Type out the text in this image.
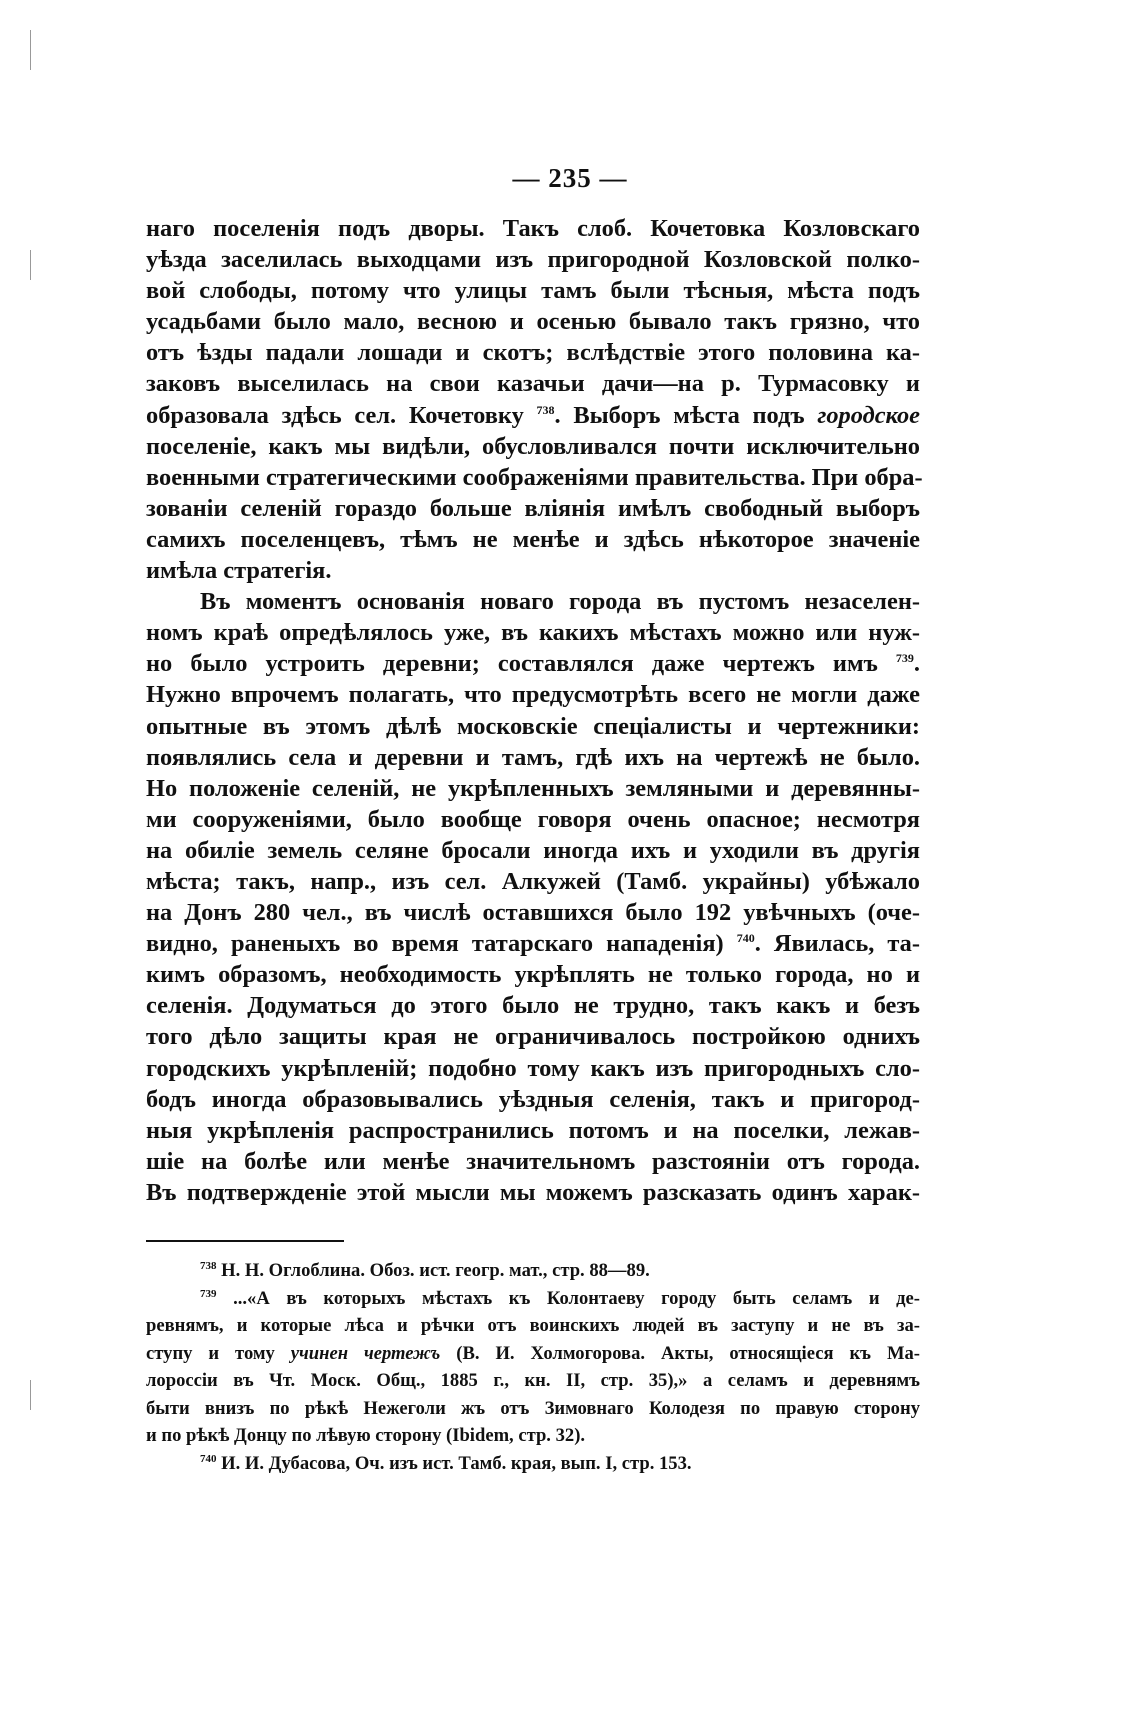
— 235 —
наго поселенія подъ дворы. Такъ слоб. Кочетовка Козловскаго
уѣзда заселилась выходцами изъ пригородной Козловской полко-
вой слободы, потому что улицы тамъ были тѣсныя, мѣста подъ
усадьбами было мало, весною и осенью бывало такъ грязно, что
отъ ѣзды падали лошади и скотъ; вслѣдствіе этого половина ка-
заковъ выселилась на свои казачьи дачи—на р. Турмасовку и
образовала здѣсь сел. Кочетовку $^{738}$. Выборъ мѣста подъ городское
поселеніе, какъ мы видѣли, обусловливался почти исключительно
военными стратегическими соображеніями правительства. При обра-
зованіи селеній гораздо больше вліянія имѣлъ свободный выборъ
самихъ поселенцевъ, тѣмъ не менѣе и здѣсь нѣкоторое значеніе
имѣла стратегія.
Въ моментъ основанія новаго города въ пустомъ незаселен-
номъ краѣ опредѣлялось уже, въ какихъ мѣстахъ можно или нуж-
но было устроить деревни; составлялся даже чертежъ имъ $^{739}$.
Нужно впрочемъ полагать, что предусмотрѣть всего не могли даже
опытные въ этомъ дѣлѣ московскіе спеціалисты и чертежники:
появлялись села и деревни и тамъ, гдѣ ихъ на чертежѣ не было.
Но положеніе селеній, не укрѣпленныхъ земляными и деревянны-
ми сооруженіями, было вообще говоря очень опасное; несмотря
на обиліе земель селяне бросали иногда ихъ и уходили въ другія
мѣста; такъ, напр., изъ сел. Алкужей (Тамб. украйны) убѣжало
на Донъ 280 чел., въ числѣ оставшихся было 192 увѣчныхъ (оче-
видно, раненыхъ во время татарскаго нападенія) $^{740}$. Явилась, та-
кимъ образомъ, необходимость укрѣплять не только города, но и
селенія. Додуматься до этого было не трудно, такъ какъ и безъ
того дѣло защиты края не ограничивалось постройкою однихъ
городскихъ укрѣпленій; подобно тому какъ изъ пригородныхъ сло-
бодъ иногда образовывались уѣздныя селенія, такъ и пригород-
ныя укрѣпленія распространились потомъ и на поселки, лежав-
шіе на болѣе или менѣе значительномъ разстояніи отъ города.
Въ подтвержденіе этой мысли мы можемъ разсказать одинъ харак-
$^{738}$ Н. Н. Оглоблина. Обоз. ист. геогр. мат., стр. 88—89.
$^{739}$ ...«А въ которыхъ мѣстахъ къ Колонтаеву городу быть селамъ и де-
ревнямъ, и которые лѣса и рѣчки отъ воинскихъ людей въ заступу и не въ за-
ступу и тому учинен чертежъ (В. И. Холмогорова. Акты, относящіеся къ Ма-
лороссіи въ Чт. Моск. Общ., 1885 г., кн. II, стр. 35),» а селамъ и деревнямъ
быти внизъ по рѣкѣ Нежеголи жъ отъ Зимовнаго Колодезя по правую сторону
и по рѣкѣ Донцу по лѣвую сторону (Ibidem, стр. 32).
$^{740}$ И. И. Дубасова, Оч. изъ ист. Тамб. края, вып. I, стр. 153.
